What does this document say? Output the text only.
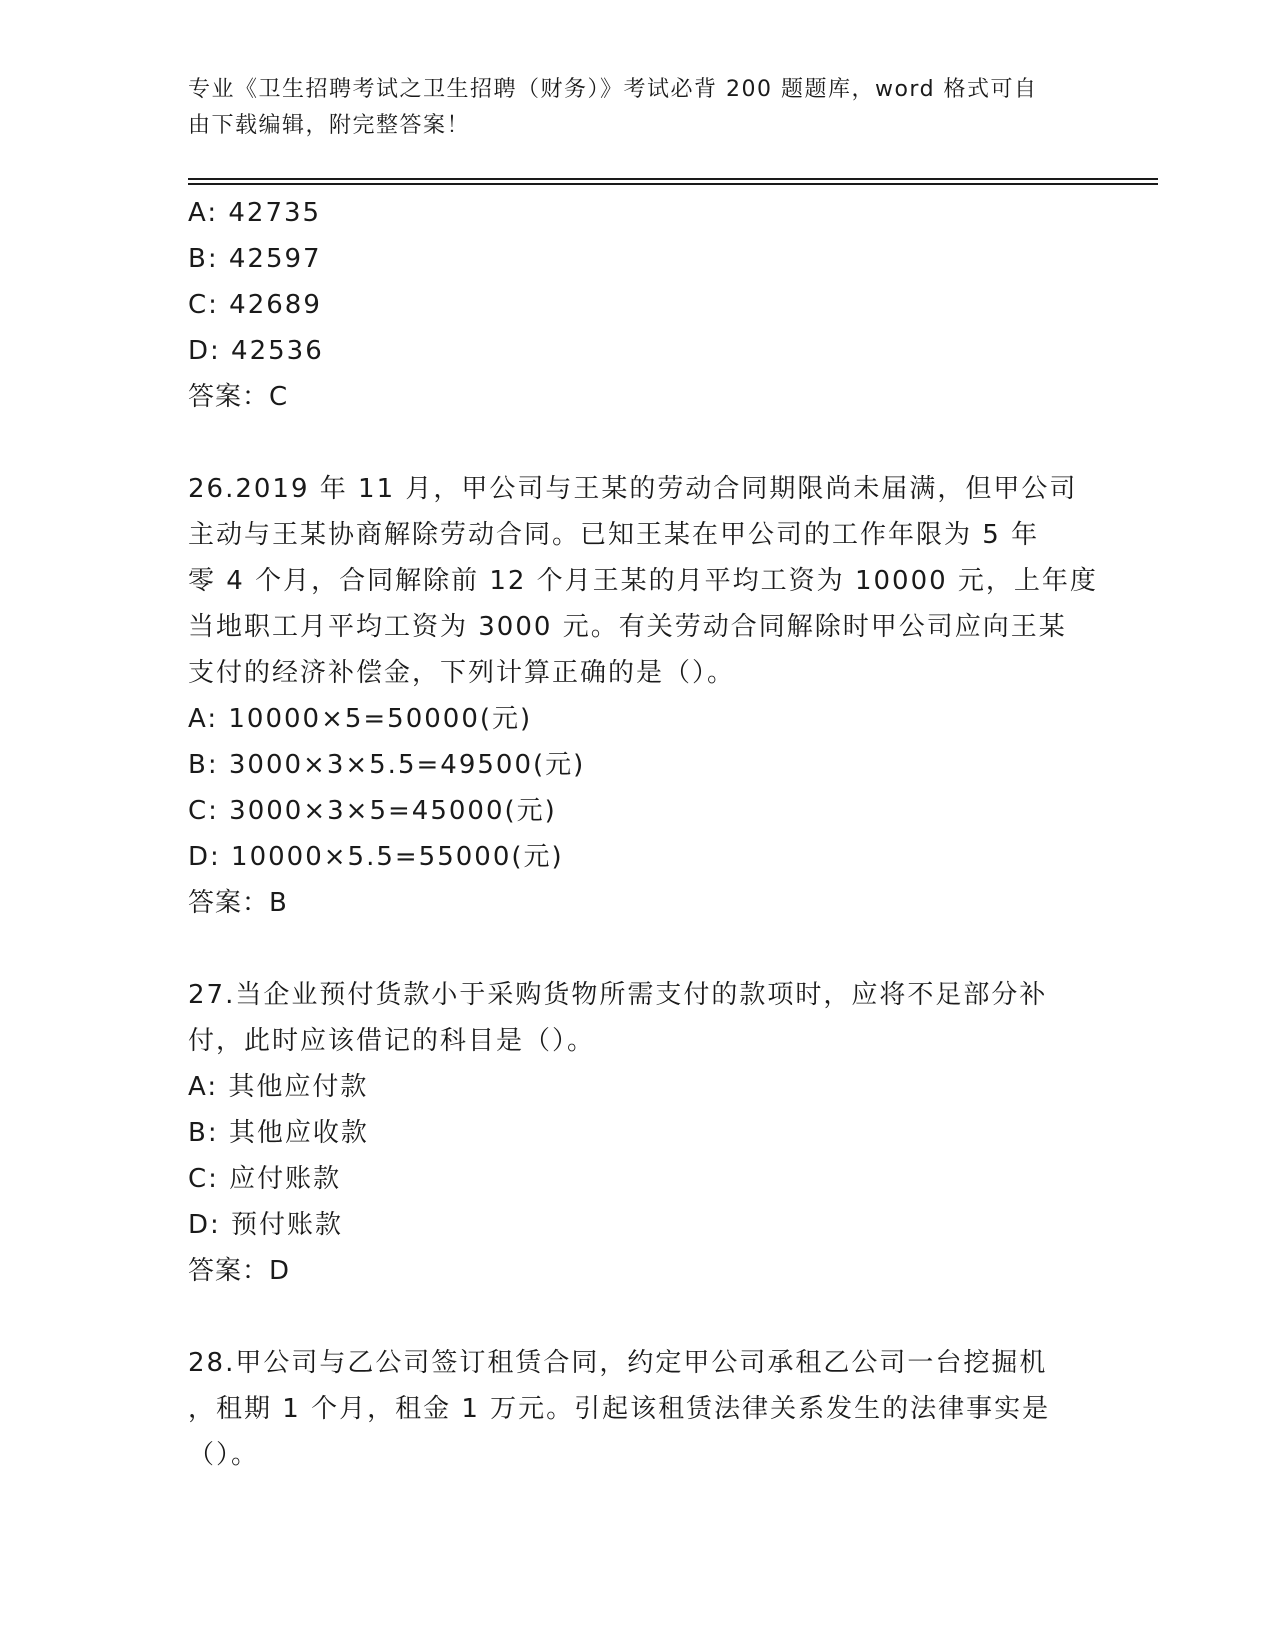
专业《卫生招聘考试之卫生招聘（财务）》考试必背 200 题题库，word 格式可自
由下载编辑，附完整答案！
A: 42735
B: 42597
C: 42689
D: 42536
答案：C
26.2019 年 11 月，甲公司与王某的劳动合同期限尚未届满，但甲公司
主动与王某协商解除劳动合同。已知王某在甲公司的工作年限为 5 年
零 4 个月，合同解除前 12 个月王某的月平均工资为 10000 元，上年度
当地职工月平均工资为 3000 元。有关劳动合同解除时甲公司应向王某
支付的经济补偿金，下列计算正确的是（）。
A: 10000×5=50000(元)
B: 3000×3×5.5=49500(元)
C: 3000×3×5=45000(元)
D: 10000×5.5=55000(元)
答案：B
27.当企业预付货款小于采购货物所需支付的款项时，应将不足部分补
付，此时应该借记的科目是（）。
A: 其他应付款
B: 其他应收款
C: 应付账款
D: 预付账款
答案：D
28.甲公司与乙公司签订租赁合同，约定甲公司承租乙公司一台挖掘机
，租期 1 个月，租金 1 万元。引起该租赁法律关系发生的法律事实是
（）。
